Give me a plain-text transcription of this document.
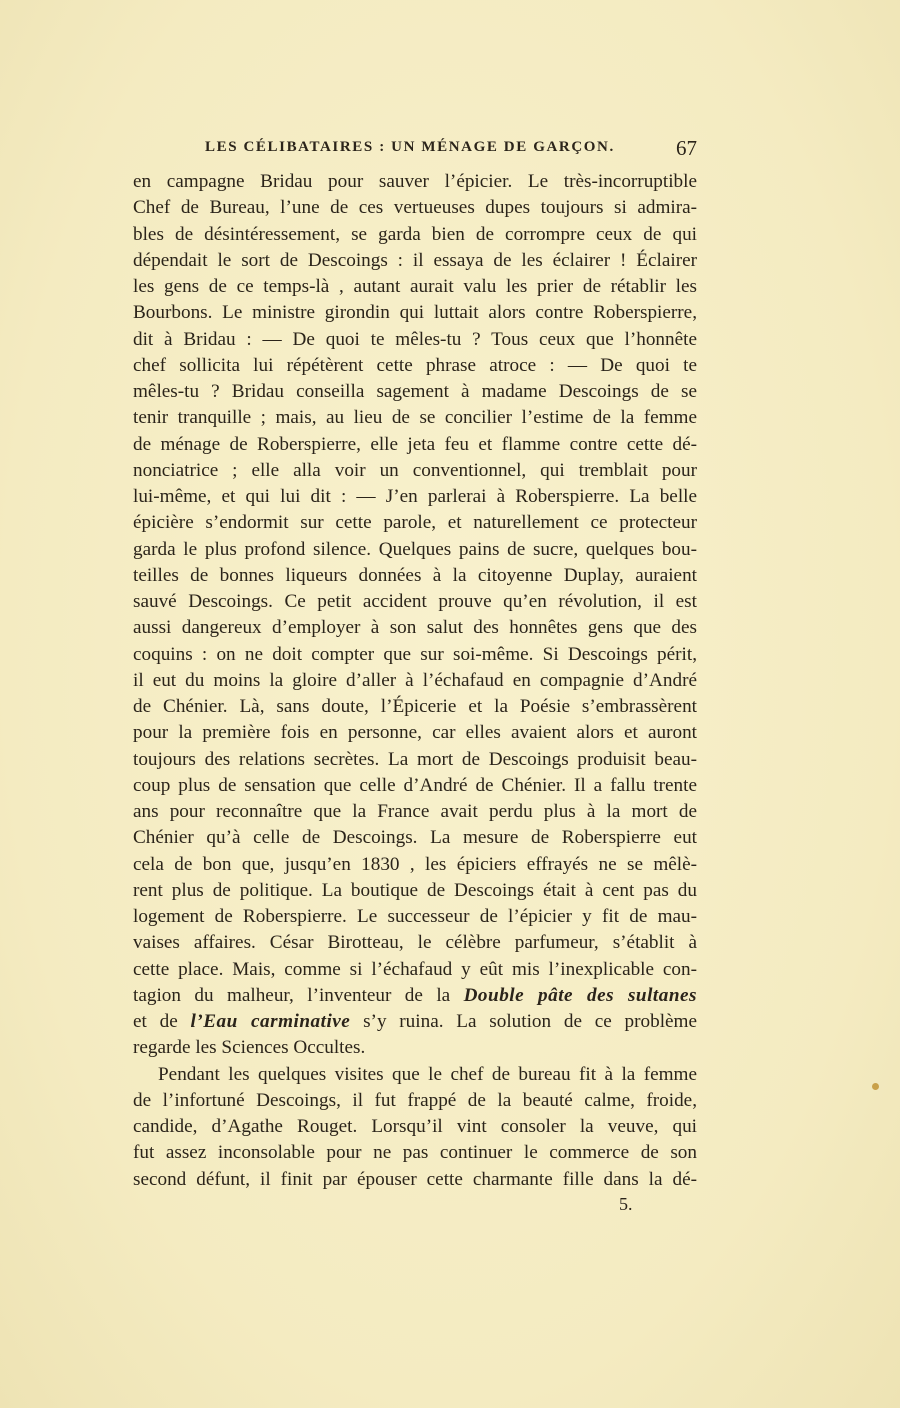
LES CÉLIBATAIRES : UN MÉNAGE DE GARÇON.	67
en campagne Bridau pour sauver l’épicier. Le très-incorruptible
Chef de Bureau, l’une de ces vertueuses dupes toujours si admira-
bles de désintéressement, se garda bien de corrompre ceux de qui
dépendait le sort de Descoings : il essaya de les éclairer ! Éclairer
les gens de ce temps-là , autant aurait valu les prier de rétablir les
Bourbons. Le ministre girondin qui luttait alors contre Roberspierre,
dit à Bridau : — De quoi te mêles-tu ? Tous ceux que l’honnête
chef sollicita lui répétèrent cette phrase atroce : — De quoi te
mêles-tu ? Bridau conseilla sagement à madame Descoings de se
tenir tranquille ; mais, au lieu de se concilier l’estime de la femme
de ménage de Roberspierre, elle jeta feu et flamme contre cette dé-
nonciatrice ; elle alla voir un conventionnel, qui tremblait pour
lui-même, et qui lui dit : — J’en parlerai à Roberspierre. La belle
épicière s’endormit sur cette parole, et naturellement ce protecteur
garda le plus profond silence. Quelques pains de sucre, quelques bou-
teilles de bonnes liqueurs données à la citoyenne Duplay, auraient
sauvé Descoings. Ce petit accident prouve qu’en révolution, il est
aussi dangereux d’employer à son salut des honnêtes gens que des
coquins : on ne doit compter que sur soi-même. Si Descoings périt,
il eut du moins la gloire d’aller à l’échafaud en compagnie d’André
de Chénier. Là, sans doute, l’Épicerie et la Poésie s’embrassèrent
pour la première fois en personne, car elles avaient alors et auront
toujours des relations secrètes. La mort de Descoings produisit beau-
coup plus de sensation que celle d’André de Chénier. Il a fallu trente
ans pour reconnaître que la France avait perdu plus à la mort de
Chénier qu’à celle de Descoings. La mesure de Roberspierre eut
cela de bon que, jusqu’en 1830 , les épiciers effrayés ne se mêlè-
rent plus de politique. La boutique de Descoings était à cent pas du
logement de Roberspierre. Le successeur de l’épicier y fit de mau-
vaises affaires. César Birotteau, le célèbre parfumeur, s’établit à
cette place. Mais, comme si l’échafaud y eût mis l’inexplicable con-
tagion du malheur, l’inventeur de la Double pâte des sultanes
et de l’Eau carminative s’y ruina. La solution de ce problème
regarde les Sciences Occultes.
Pendant les quelques visites que le chef de bureau fit à la femme
de l’infortuné Descoings, il fut frappé de la beauté calme, froide,
candide, d’Agathe Rouget. Lorsqu’il vint consoler la veuve, qui
fut assez inconsolable pour ne pas continuer le commerce de son
second défunt, il finit par épouser cette charmante fille dans la dé-
5.
